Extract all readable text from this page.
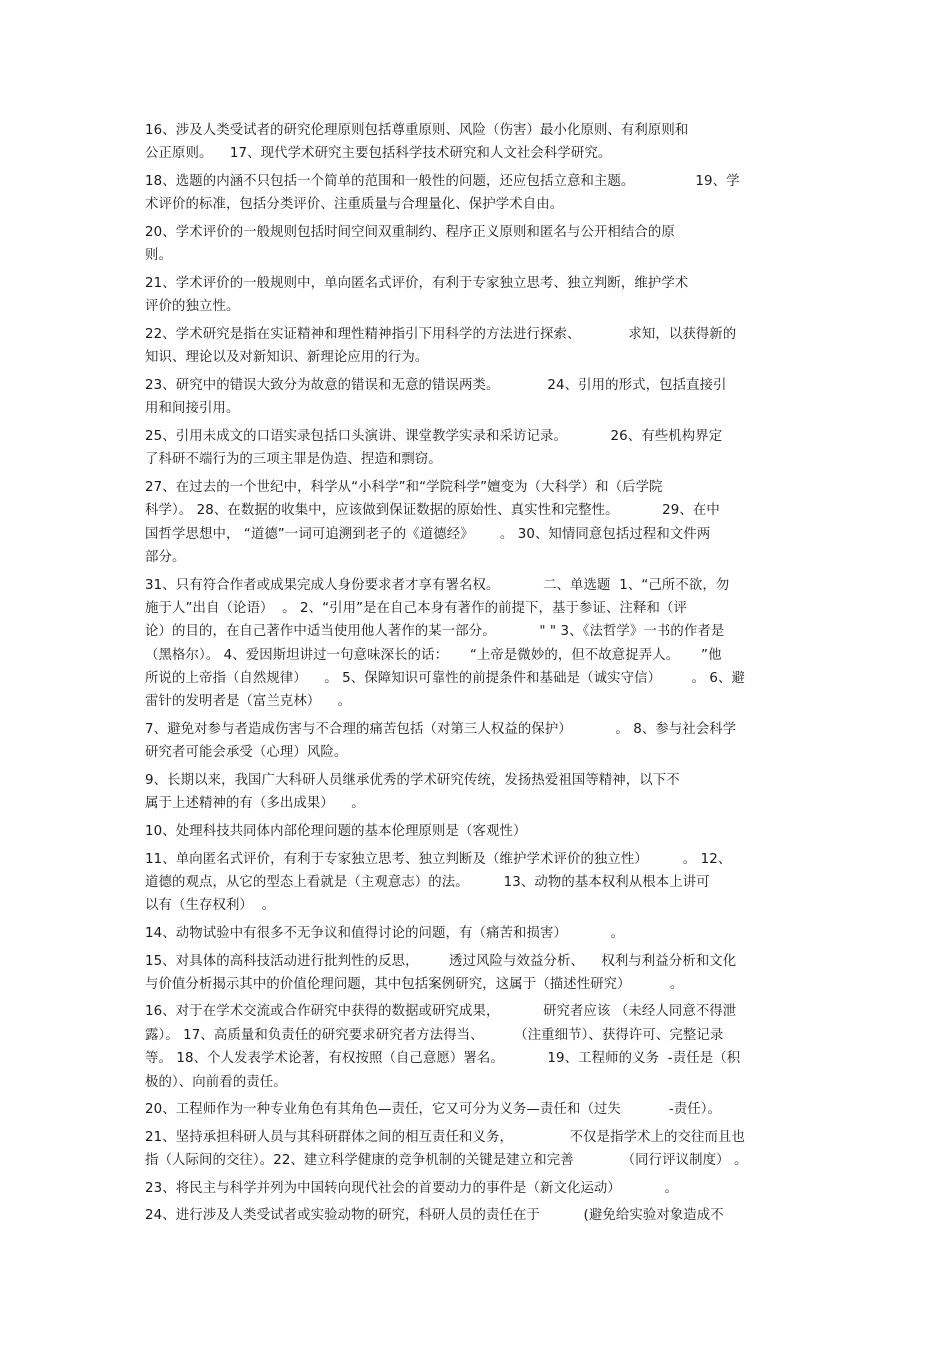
16、涉及人类受试者的研究伦理原则包括尊重原则、风险（伤害）最小化原则、有利原则和
公正原则。    17、现代学术研究主要包括科学技术研究和人文社会科学研究。
18、选题的内涵不只包括一个简单的范围和一般性的问题，还应包括立意和主题。              19、学
术评价的标准，包括分类评价、注重质量与合理量化、保护学术自由。
20、学术评价的一般规则包括时间空间双重制约、程序正义原则和匿名与公开相结合的原
则。
21、学术评价的一般规则中，单向匿名式评价，有利于专家独立思考、独立判断，维护学术
评价的独立性。
22、学术研究是指在实证精神和理性精神指引下用科学的方法进行探索、           求知，以获得新的
知识、理论以及对新知识、新理论应用的行为。
23、研究中的错误大致分为故意的错误和无意的错误两类。           24、引用的形式，包括直接引
用和间接引用。
25、引用未成文的口语实录包括口头演讲、课堂教学实录和采访记录。          26、有些机构界定
了科研不端行为的三项主罪是伪造、捏造和剽窃。
27、在过去的一个世纪中，科学从“小科学”和“学院科学”嬗变为（大科学）和（后学院
科学）。 28、在数据的收集中，应该做到保证数据的原始性、真实性和完整性。          29、在中
国哲学思想中， “道德”一词可追溯到老子的《道德经》      。 30、知情同意包括过程和文件两
部分。
31、只有符合作者或成果完成人身份要求者才享有署名权。          二、单选题  1、“己所不欲，勿
施于人”出自（论语）  。 2、“引用”是在自己本身有著作的前提下，基于参证、注释和（评
论）的目的，在自己著作中适当使用他人著作的某一部分。          " " 3、《法哲学》一书的作者是
（黑格尔）。 4、爱因斯坦讲过一句意味深长的话：     “上帝是微妙的，但不故意捉弄人。     ”他
所说的上帝指（自然规律）    。 5、保障知识可靠性的前提条件和基础是（诚实守信）       。 6、避
雷针的发明者是（富兰克林）    。
7、避免对参与者造成伤害与不合理的痛苦包括（对第三人权益的保护）          。 8、参与社会科学
研究者可能会承受（心理）风险。
9、长期以来，我国广大科研人员继承优秀的学术研究传统，发扬热爱祖国等精神，以下不
属于上述精神的有（多出成果）    。
10、处理科技共同体内部伦理问题的基本伦理原则是（客观性）
11、单向匿名式评价，有利于专家独立思考、独立判断及（维护学术评价的独立性）        。 12、
道德的观点，从它的型态上看就是（主观意志）的法。        13、动物的基本权利从根本上讲可
以有（生存权利）  。
14、动物试验中有很多不无争议和值得讨论的问题，有（痛苦和损害）          。
15、对具体的高科技活动进行批判性的反思，       透过风险与效益分析、    权利与利益分析和文化
与价值分析揭示其中的价值伦理问题，其中包括案例研究，这属于（描述性研究）         。
16、对于在学术交流或合作研究中获得的数据或研究成果，          研究者应该 （未经人同意不得泄
露）。 17、高质量和负责任的研究要求研究者方法得当、       （注重细节）、获得许可、完整记录
等。 18、个人发表学术论著，有权按照（自己意愿）署名。          19、工程师的义务  -责任是（积
极的）、向前看的责任。
20、工程师作为一种专业角色有其角色—责任，它又可分为义务—责任和（过失           -责任）。
21、坚持承担科研人员与其科研群体之间的相互责任和义务，             不仅是指学术上的交往而且也
指（人际间的交往）。22、建立科学健康的竞争机制的关键是建立和完善           （同行评议制度） 。
23、将民主与科学并列为中国转向现代社会的首要动力的事件是（新文化运动）          。
24、进行涉及人类受试者或实验动物的研究，科研人员的责任在于          (避免给实验对象造成不
